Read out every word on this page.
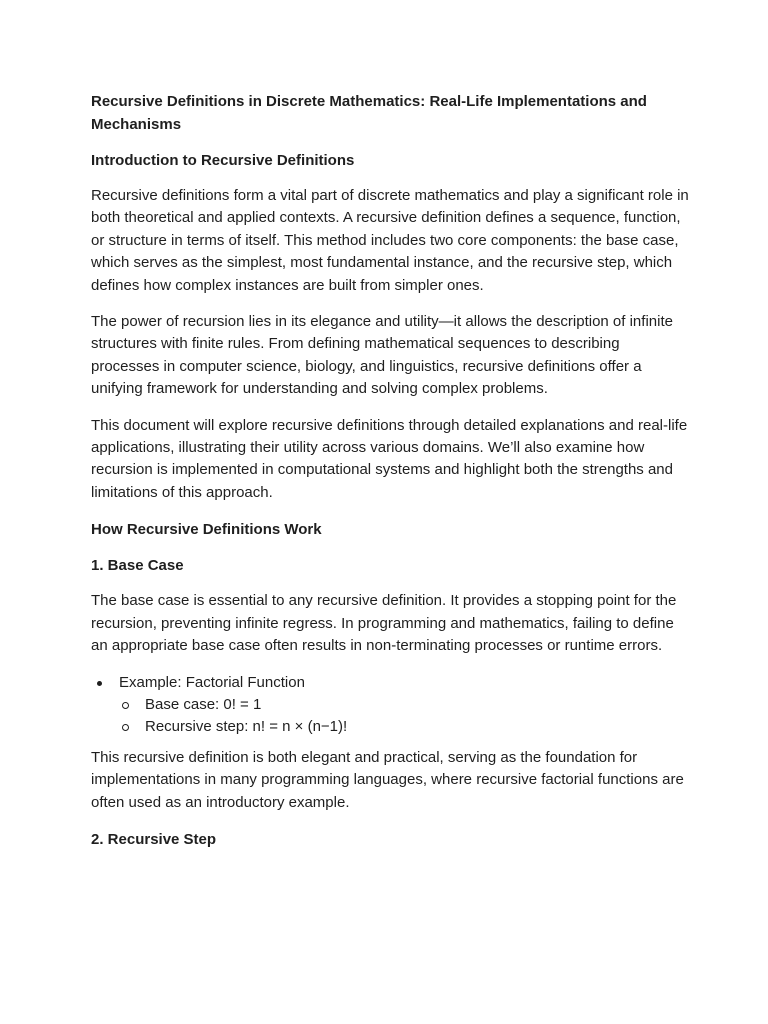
Recursive Definitions in Discrete Mathematics: Real-Life Implementations and Mechanisms
Introduction to Recursive Definitions

Recursive definitions form a vital part of discrete mathematics and play a significant role in both theoretical and applied contexts. A recursive definition defines a sequence, function, or structure in terms of itself. This method includes two core components: the base case, which serves as the simplest, most fundamental instance, and the recursive step, which defines how complex instances are built from simpler ones.

The power of recursion lies in its elegance and utility—it allows the description of infinite structures with finite rules. From defining mathematical sequences to describing processes in computer science, biology, and linguistics, recursive definitions offer a unifying framework for understanding and solving complex problems.

This document will explore recursive definitions through detailed explanations and real-life applications, illustrating their utility across various domains. We’ll also examine how recursion is implemented in computational systems and highlight both the strengths and limitations of this approach.

How Recursive Definitions Work
1. Base Case

The base case is essential to any recursive definition. It provides a stopping point for the recursion, preventing infinite regress. In programming and mathematics, failing to define an appropriate base case often results in non-terminating processes or runtime errors.

Example: Factorial Function
Base case: 0! = 1
Recursive step: n! = n × (n−1)!

This recursive definition is both elegant and practical, serving as the foundation for implementations in many programming languages, where recursive factorial functions are often used as an introductory example.

2. Recursive Step
